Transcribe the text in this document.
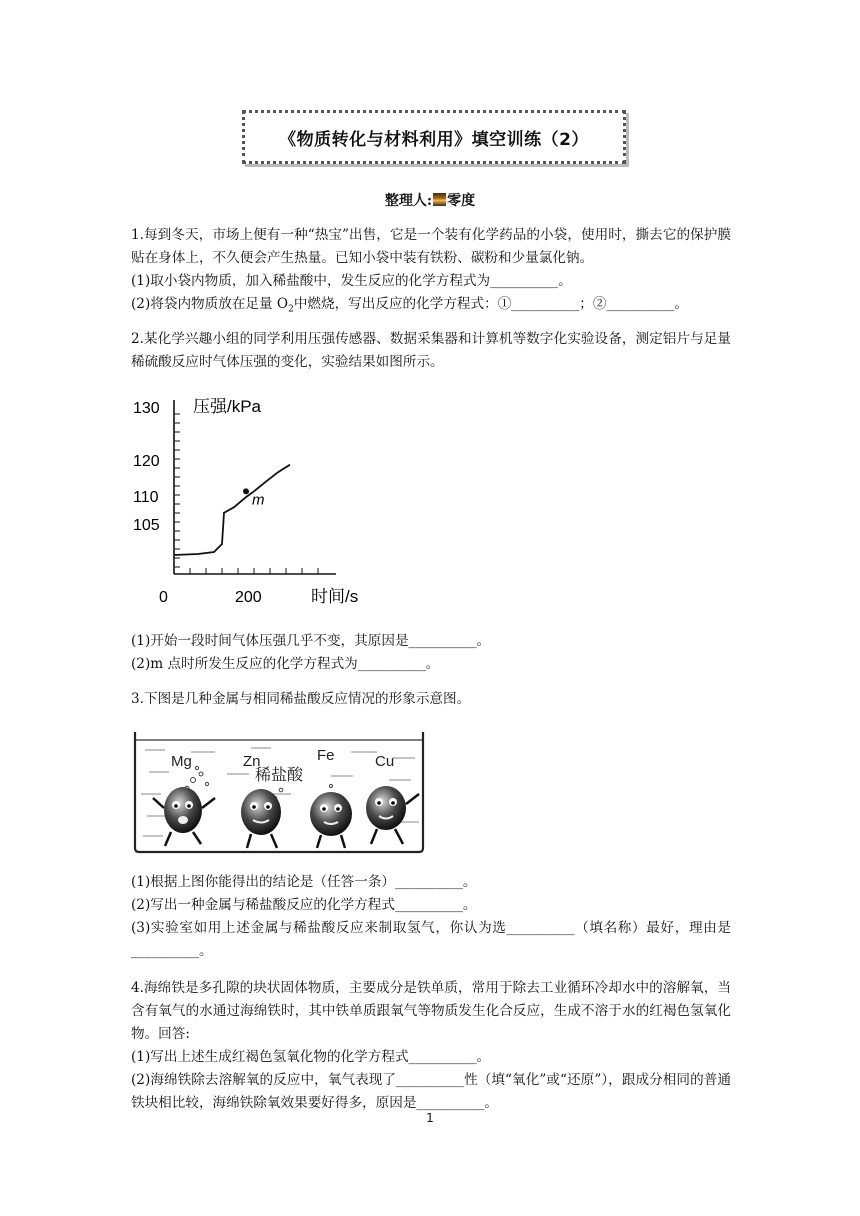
《物质转化与材料利用》填空训练（2）
整理人: 零度

1.每到冬天，市场上便有一种“热宝”出售，它是一个装有化学药品的小袋，使用时，撕去它的保护膜贴在身体上，不久便会产生热量。已知小袋中装有铁粉、碳粉和少量氯化钠。

(1)取小袋内物质，加入稀盐酸中，发生反应的化学方程式为__________。

(2)将袋内物质放在足量 $O_2$中燃烧，写出反应的化学方程式：①__________；②__________。

2.某化学兴趣小组的同学利用压强传感器、数据采集器和计算机等数字化实验设备，测定铝片与足量稀硫酸反应时气体压强的变化，实验结果如图所示。

压强/kPa
时间/s
130
120
110
105
0	200
m

(1)开始一段时间气体压强几乎不变，其原因是__________。

(2)m 点时所发生反应的化学方程式为__________。

3.下图是几种金属与相同稀盐酸反应情况的形象示意图。

Mg	Zn	Fe	Cu
稀盐酸

(1)根据上图你能得出的结论是（任答一条）__________。

(2)写出一种金属与稀盐酸反应的化学方程式__________。

(3)实验室如用上述金属与稀盐酸反应来制取氢气，你认为选__________（填名称）最好，理由是__________。

4.海绵铁是多孔隙的块状固体物质，主要成分是铁单质，常用于除去工业循环冷却水中的溶解氧，当含有氧气的水通过海绵铁时，其中铁单质跟氧气等物质发生化合反应，生成不溶于水的红褐色氢氧化物。回答:

(1)写出上述生成红褐色氢氧化物的化学方程式__________。

(2)海绵铁除去溶解氧的反应中，氧气表现了__________性（填“氧化”或“还原”），跟成分相同的普通铁块相比较，海绵铁除氧效果要好得多，原因是__________。

1
